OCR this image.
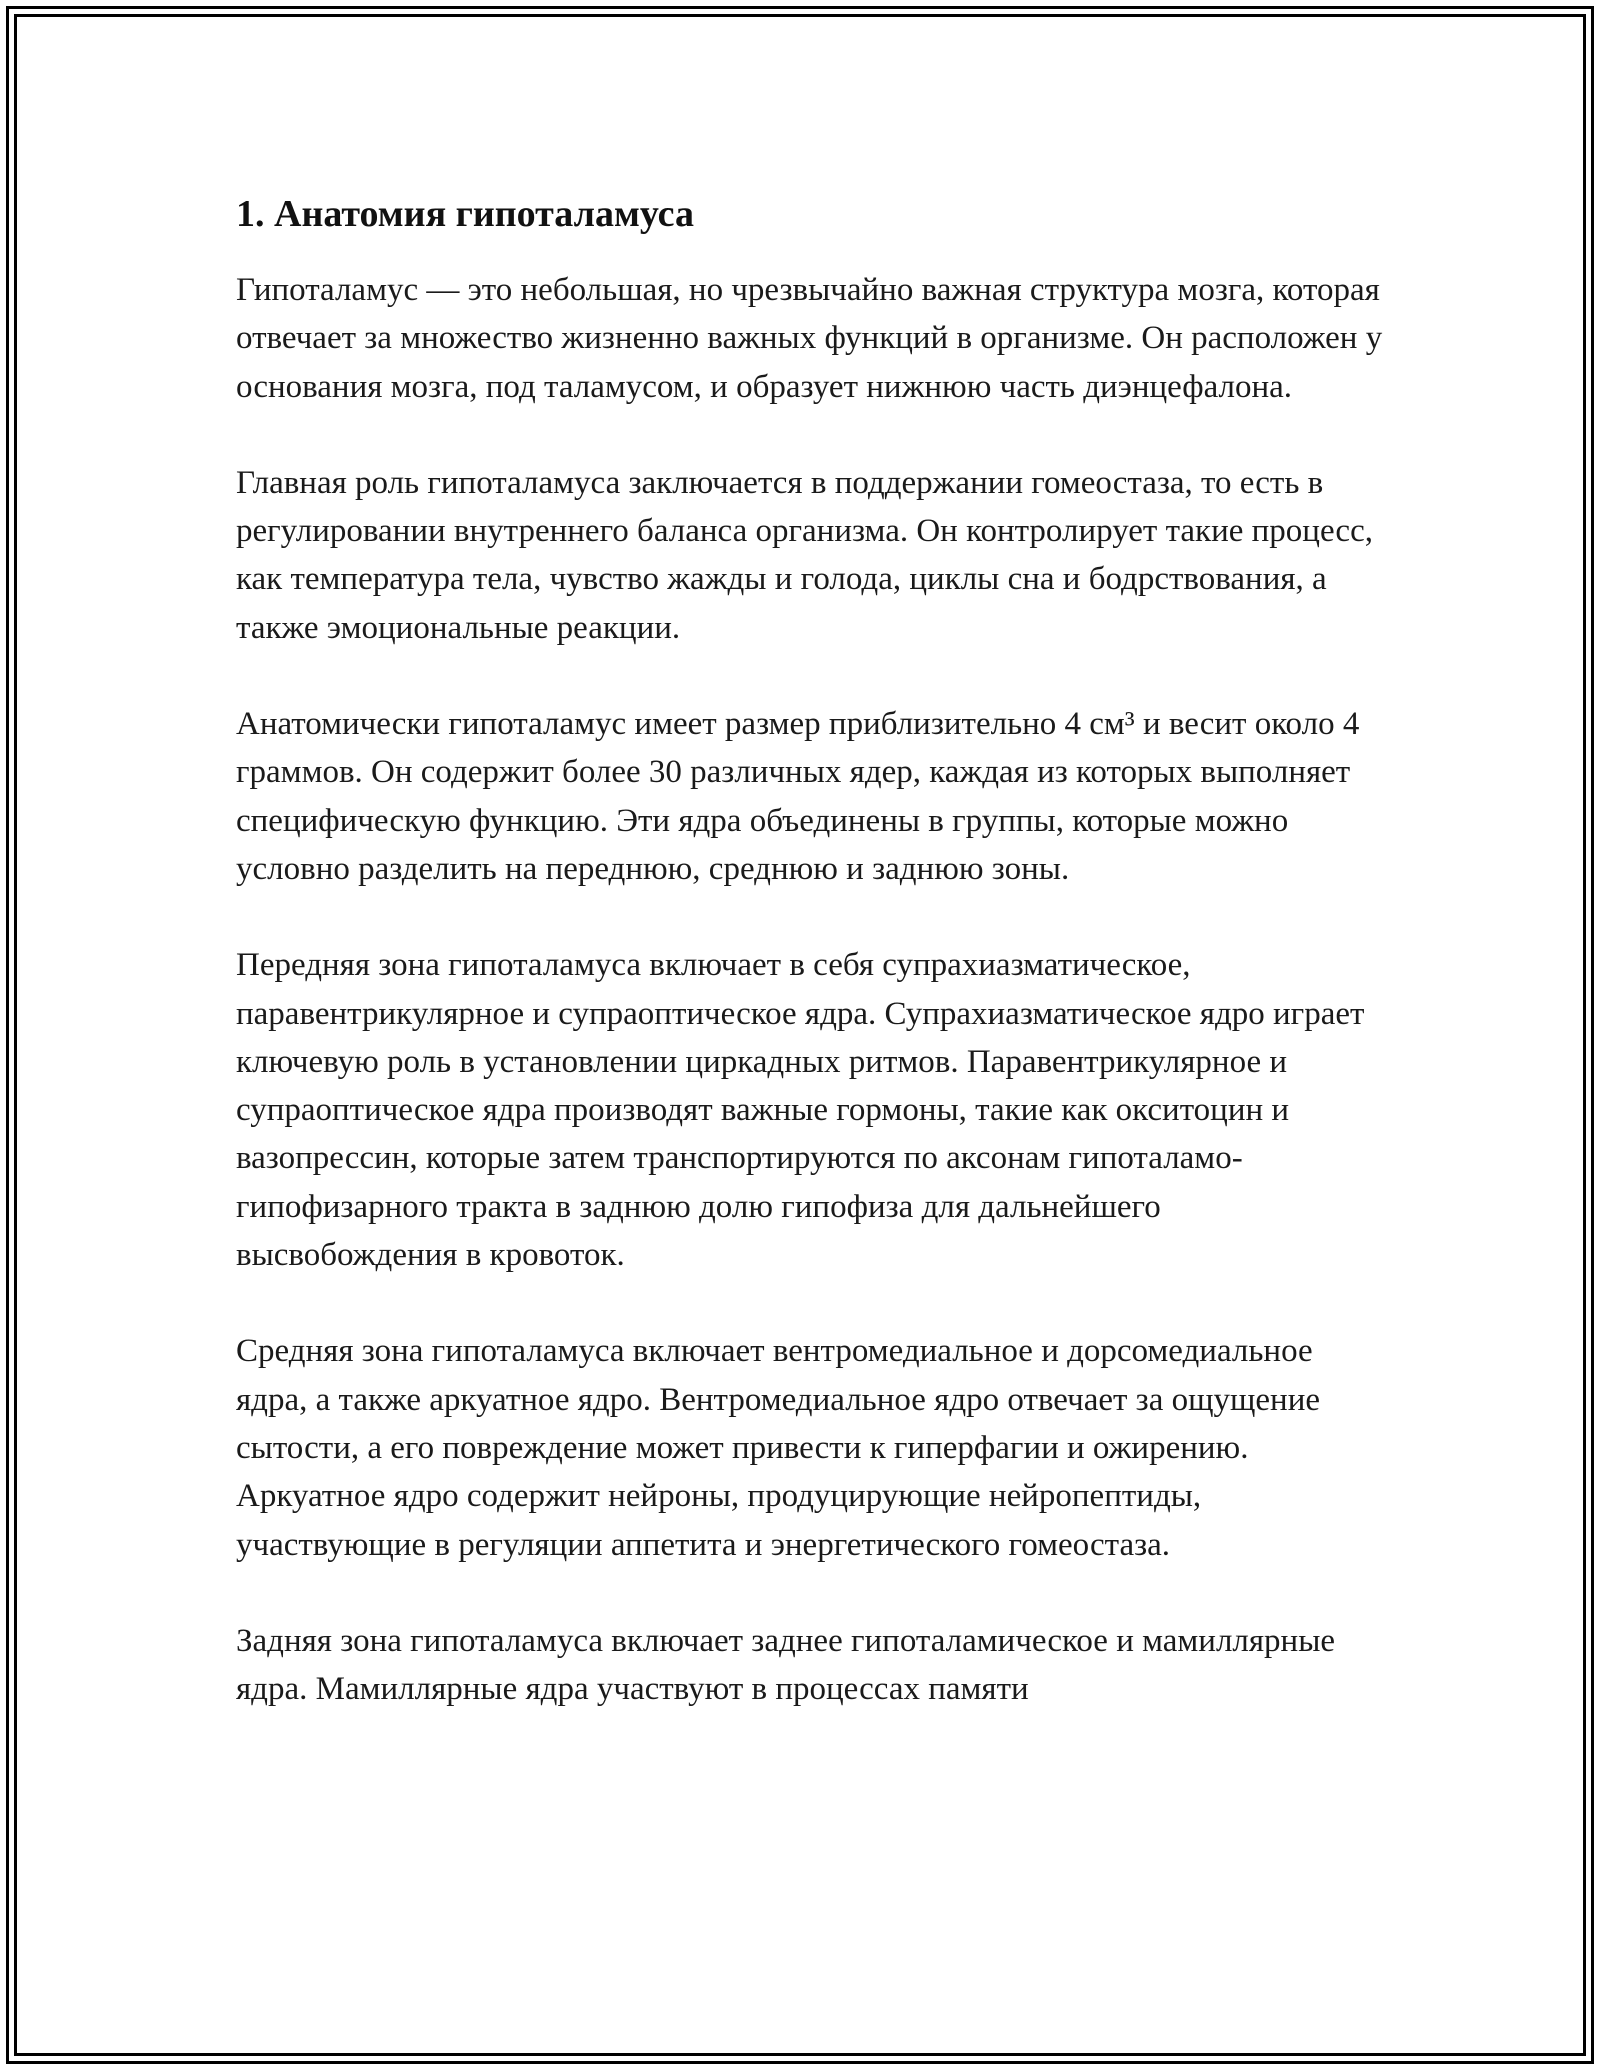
1. Анатомия гипоталамуса

Гипоталамус — это небольшая, но чрезвычайно важная структура мозга, которая отвечает за множество жизненно важных функций в организме. Он расположен у основания мозга, под таламусом, и образует нижнюю часть диэнцефалона.

Главная роль гипоталамуса заключается в поддержании гомеостаза, то есть в регулировании внутреннего баланса организма. Он контролирует такие процесс, как температура тела, чувство жажды и голода, циклы сна и бодрствования, а также эмоциональные реакции.

Анатомически гипоталамус имеет размер приблизительно 4 см³ и весит около 4 граммов. Он содержит более 30 различных ядер, каждая из которых выполняет специфическую функцию. Эти ядра объединены в группы, которые можно условно разделить на переднюю, среднюю и заднюю зоны.

Передняя зона гипоталамуса включает в себя супрахиазматическое, паравентрикулярное и супраоптическое ядра. Супрахиазматическое ядро играет ключевую роль в установлении циркадных ритмов. Паравентрикулярное и супраоптическое ядра производят важные гормоны, такие как окситоцин и вазопрессин, которые затем транспортируются по аксонам гипоталамо-гипофизарного тракта в заднюю долю гипофиза для дальнейшего высвобождения в кровоток.

Средняя зона гипоталамуса включает вентромедиальное и дорсомедиальное ядра, а также аркуатное ядро. Вентромедиальное ядро отвечает за ощущение сытости, а его повреждение может привести к гиперфагии и ожирению. Аркуатное ядро содержит нейроны, продуцирующие нейропептиды, участвующие в регуляции аппетита и энергетического гомеостаза.

Задняя зона гипоталамуса включает заднее гипоталамическое и мамиллярные ядра. Мамиллярные ядра участвуют в процессах памяти
